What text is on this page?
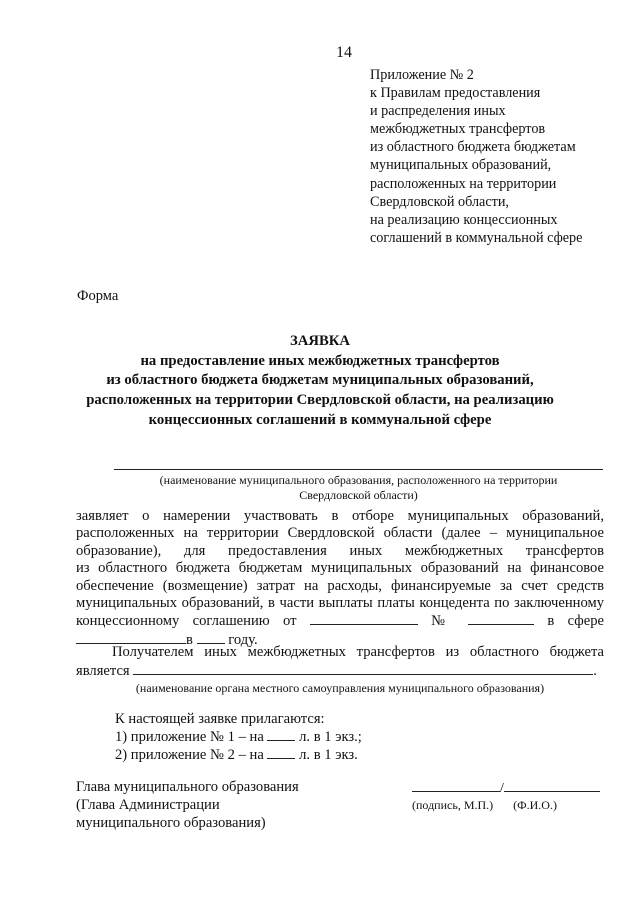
14
Приложение № 2
к Правилам предоставления
и распределения иных
межбюджетных трансфертов
из областного бюджета бюджетам
муниципальных образований,
расположенных на территории
Свердловской области,
на реализацию концессионных
соглашений в коммунальной сфере
Форма
ЗАЯВКА
на предоставление иных межбюджетных трансфертов
из областного бюджета бюджетам муниципальных образований,
расположенных на территории Свердловской области, на реализацию
концессионных соглашений в коммунальной сфере
(наименование муниципального образования, расположенного на территории
Свердловской области)
заявляет о намерении участвовать в отборе муниципальных образований,
расположенных на территории Свердловской области (далее – муниципальное
образование), для предоставления иных межбюджетных трансфертов
из областного бюджета бюджетам муниципальных образований на финансовое
обеспечение (возмещение) затрат на расходы, финансируемые за счет средств
муниципальных образований, в части выплаты платы концедента по заключенному
концессионному соглашению от	№	в сфере
в году.
Получателем иных межбюджетных трансфертов из областного бюджета
является	.
(наименование органа местного самоуправления муниципального образования)
К настоящей заявке прилагаются:
1) приложение № 1 – на л. в 1 экз.;
2) приложение № 2 – на л. в 1 экз.
Глава муниципального образования
(Глава Администрации
муниципального образования)
/
(подпись, М.П.) (Ф.И.О.)
